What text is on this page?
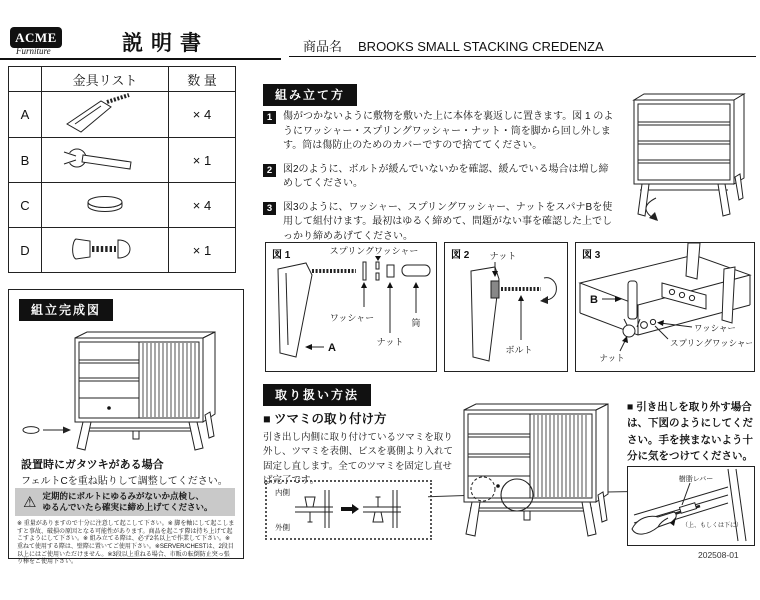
ACME
Furniture	説明書	商品名 BROOKS SMALL STACKING CREDENZA
	金具リスト	数 量
A		× 4
B		× 1
C		× 4
D		× 1
組立完成図
設置時にガタツキがある場合
フェルトCを重ね貼りして調整してください。
⚠ 定期的にボルトにゆるみがないか点検し、
ゆるんでいたら確実に締め上げてください。
※ 重量がありますので十分に注意して起こして下さい。※ 脚を軸にして起こしますと事故、破損の原因となる可能性があります。商品を起こす際は持ち上げて起こすようにして下さい。※ 組み立てる際は、必ず2名以上で作業して下さい。※重ねて使用する際は、壁際に置いてご使用下さい。※SERVER/CHESTは、2段目以上にはご使用いただけません。※3段以上重ねる場合、市販の転倒防止突っ張り棒をご使用下さい。
組み立て方
1	傷がつかないように敷物を敷いた上に本体を裏返しに置きます。図 1 のようにワッシャー・スプリングワッシャー・ナット・筒を脚から回し外します。筒は傷防止のためのカバーですので捨ててください。
2	図2のように、ボルトが緩んでいないかを確認、緩んでいる場合は増し締めしてください。
3	図3のように、ワッシャー、スプリングワッシャー、ナットをスパナBを使用して組付けます。最初はゆるく締めて、問題がない事を確認した上でしっかり締めあげてください。
図 1	スプリングワッシャー
ワッシャー
ナット
筒
A
図 2 ナット
ボルト
図 3
B
ワッシャー
スプリングワッシャー
ナット
取り扱い方法
■ ツマミの取り付け方
引き出し内側に取り付けているツマミを取り外し、ツマミを表側、ビスを裏側より入れて固定し直します。全てのツマミを固定し直せば完了です。
内側
外側
■ 引き出しを取り外す場合は、下図のようにしてください。手を挟まないよう十分に気をつけてください。
樹脂レバー
（上、もしくは下に）
202508-01
